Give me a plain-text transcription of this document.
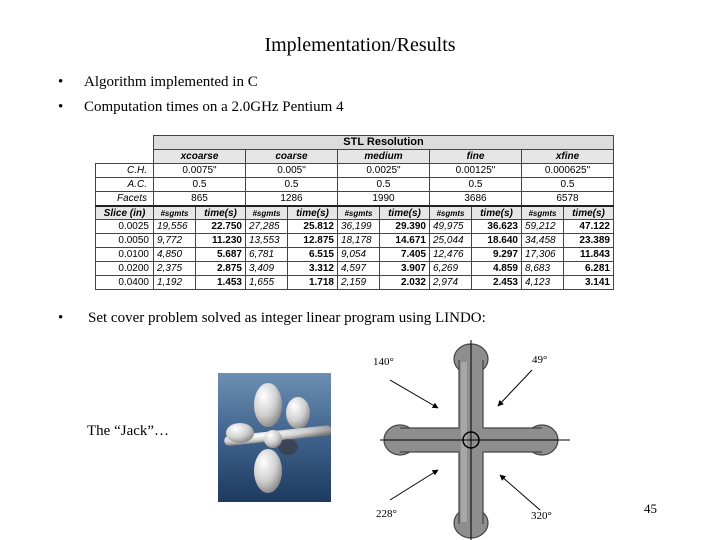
Implementation/Results
• Algorithm implemented in C
• Computation times on a 2.0GHz Pentium 4
	STL Resolution									
	xcoarse		coarse		medium		fine		xfine	
C.H.	0.0075"		0.005"		0.0025"		0.00125"		0.000625"	
A.C.	0.5		0.5		0.5		0.5		0.5	
Facets	865		1286		1990		3686		6578	
Slice (in)	#sgmts	time(s)	#sgmts	time(s)	#sgmts	time(s)	#sgmts	time(s)	#sgmts	time(s)
0.0025	19,556	22.750	27,285	25.812	36,199	29.390	49,975	36.623	59,212	47.122
0.0050	9,772	11.230	13,553	12.875	18,178	14.671	25,044	18.640	34,458	23.389
0.0100	4,850	5.687	6,781	6.515	9,054	7.405	12,476	9.297	17,306	11.843
0.0200	2,375	2.875	3,409	3.312	4,597	3.907	6,269	4.859	8,683	6.281
0.0400	1,192	1.453	1,655	1.718	2,159	2.032	2,974	2.453	4,123	3.141
• Set cover problem solved as integer linear program using LINDO:
The “Jack”…
140°	49°
228°	320°	45
